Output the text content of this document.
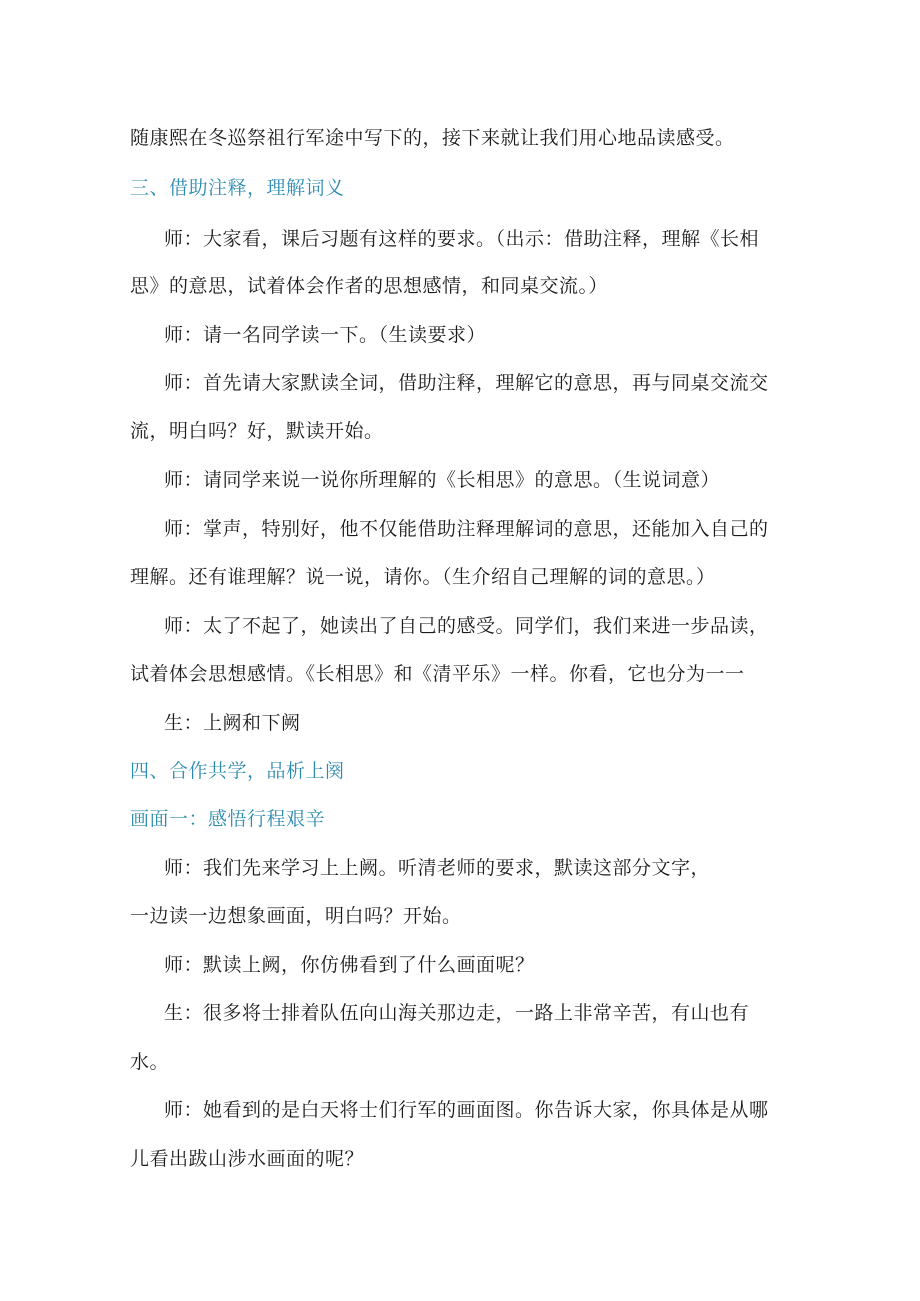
随康熙在冬巡祭祖行军途中写下的，接下来就让我们用心地品读感受。

三、借助注释，理解词义

师：大家看，课后习题有这样的要求。（出示：借助注释，理解《长相

思》的意思，试着体会作者的思想感情，和同桌交流。）

师：请一名同学读一下。（生读要求）

师：首先请大家默读全词，借助注释，理解它的意思，再与同桌交流交

流，明白吗？好，默读开始。

师：请同学来说一说你所理解的《长相思》的意思。（生说词意）

师：掌声，特别好，他不仅能借助注释理解词的意思，还能加入自己的

理解。还有谁理解？说一说，请你。（生介绍自己理解的词的意思。）

师：太了不起了，她读出了自己的感受。同学们，我们来进一步品读，

试着体会思想感情。《长相思》和《清平乐》一样。你看，它也分为一一

生：上阙和下阙

四、合作共学，品析上阕

画面一：感悟行程艰辛

师：我们先来学习上上阙。听清老师的要求，默读这部分文字，

一边读一边想象画面，明白吗？开始。

师：默读上阙，你仿佛看到了什么画面呢？

生：很多将士排着队伍向山海关那边走，一路上非常辛苦，有山也有

水。

师：她看到的是白天将士们行军的画面图。你告诉大家，你具体是从哪

儿看出跋山涉水画面的呢？
